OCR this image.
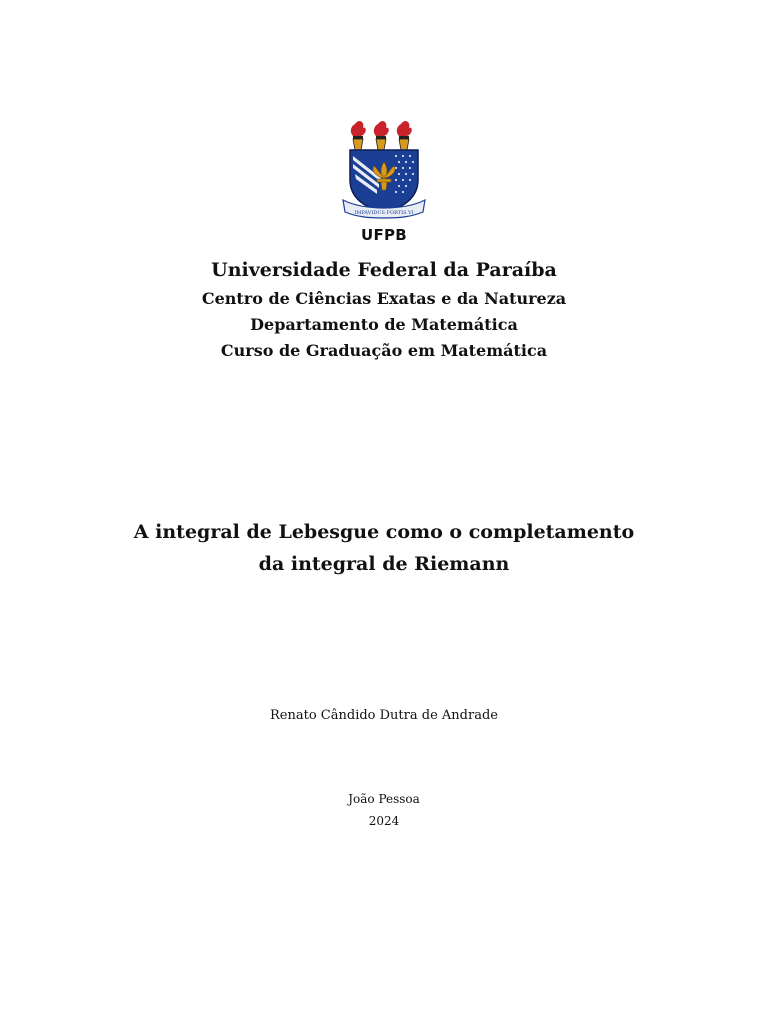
IMPAVIDUS FORTIS VI
UFPB
Universidade Federal da Paraíba
Centro de Ciências Exatas e da Natureza
Departamento de Matemática
Curso de Graduação em Matemática
A integral de Lebesgue como o completamento
da integral de Riemann
Renato Cândido Dutra de Andrade
João Pessoa
2024
